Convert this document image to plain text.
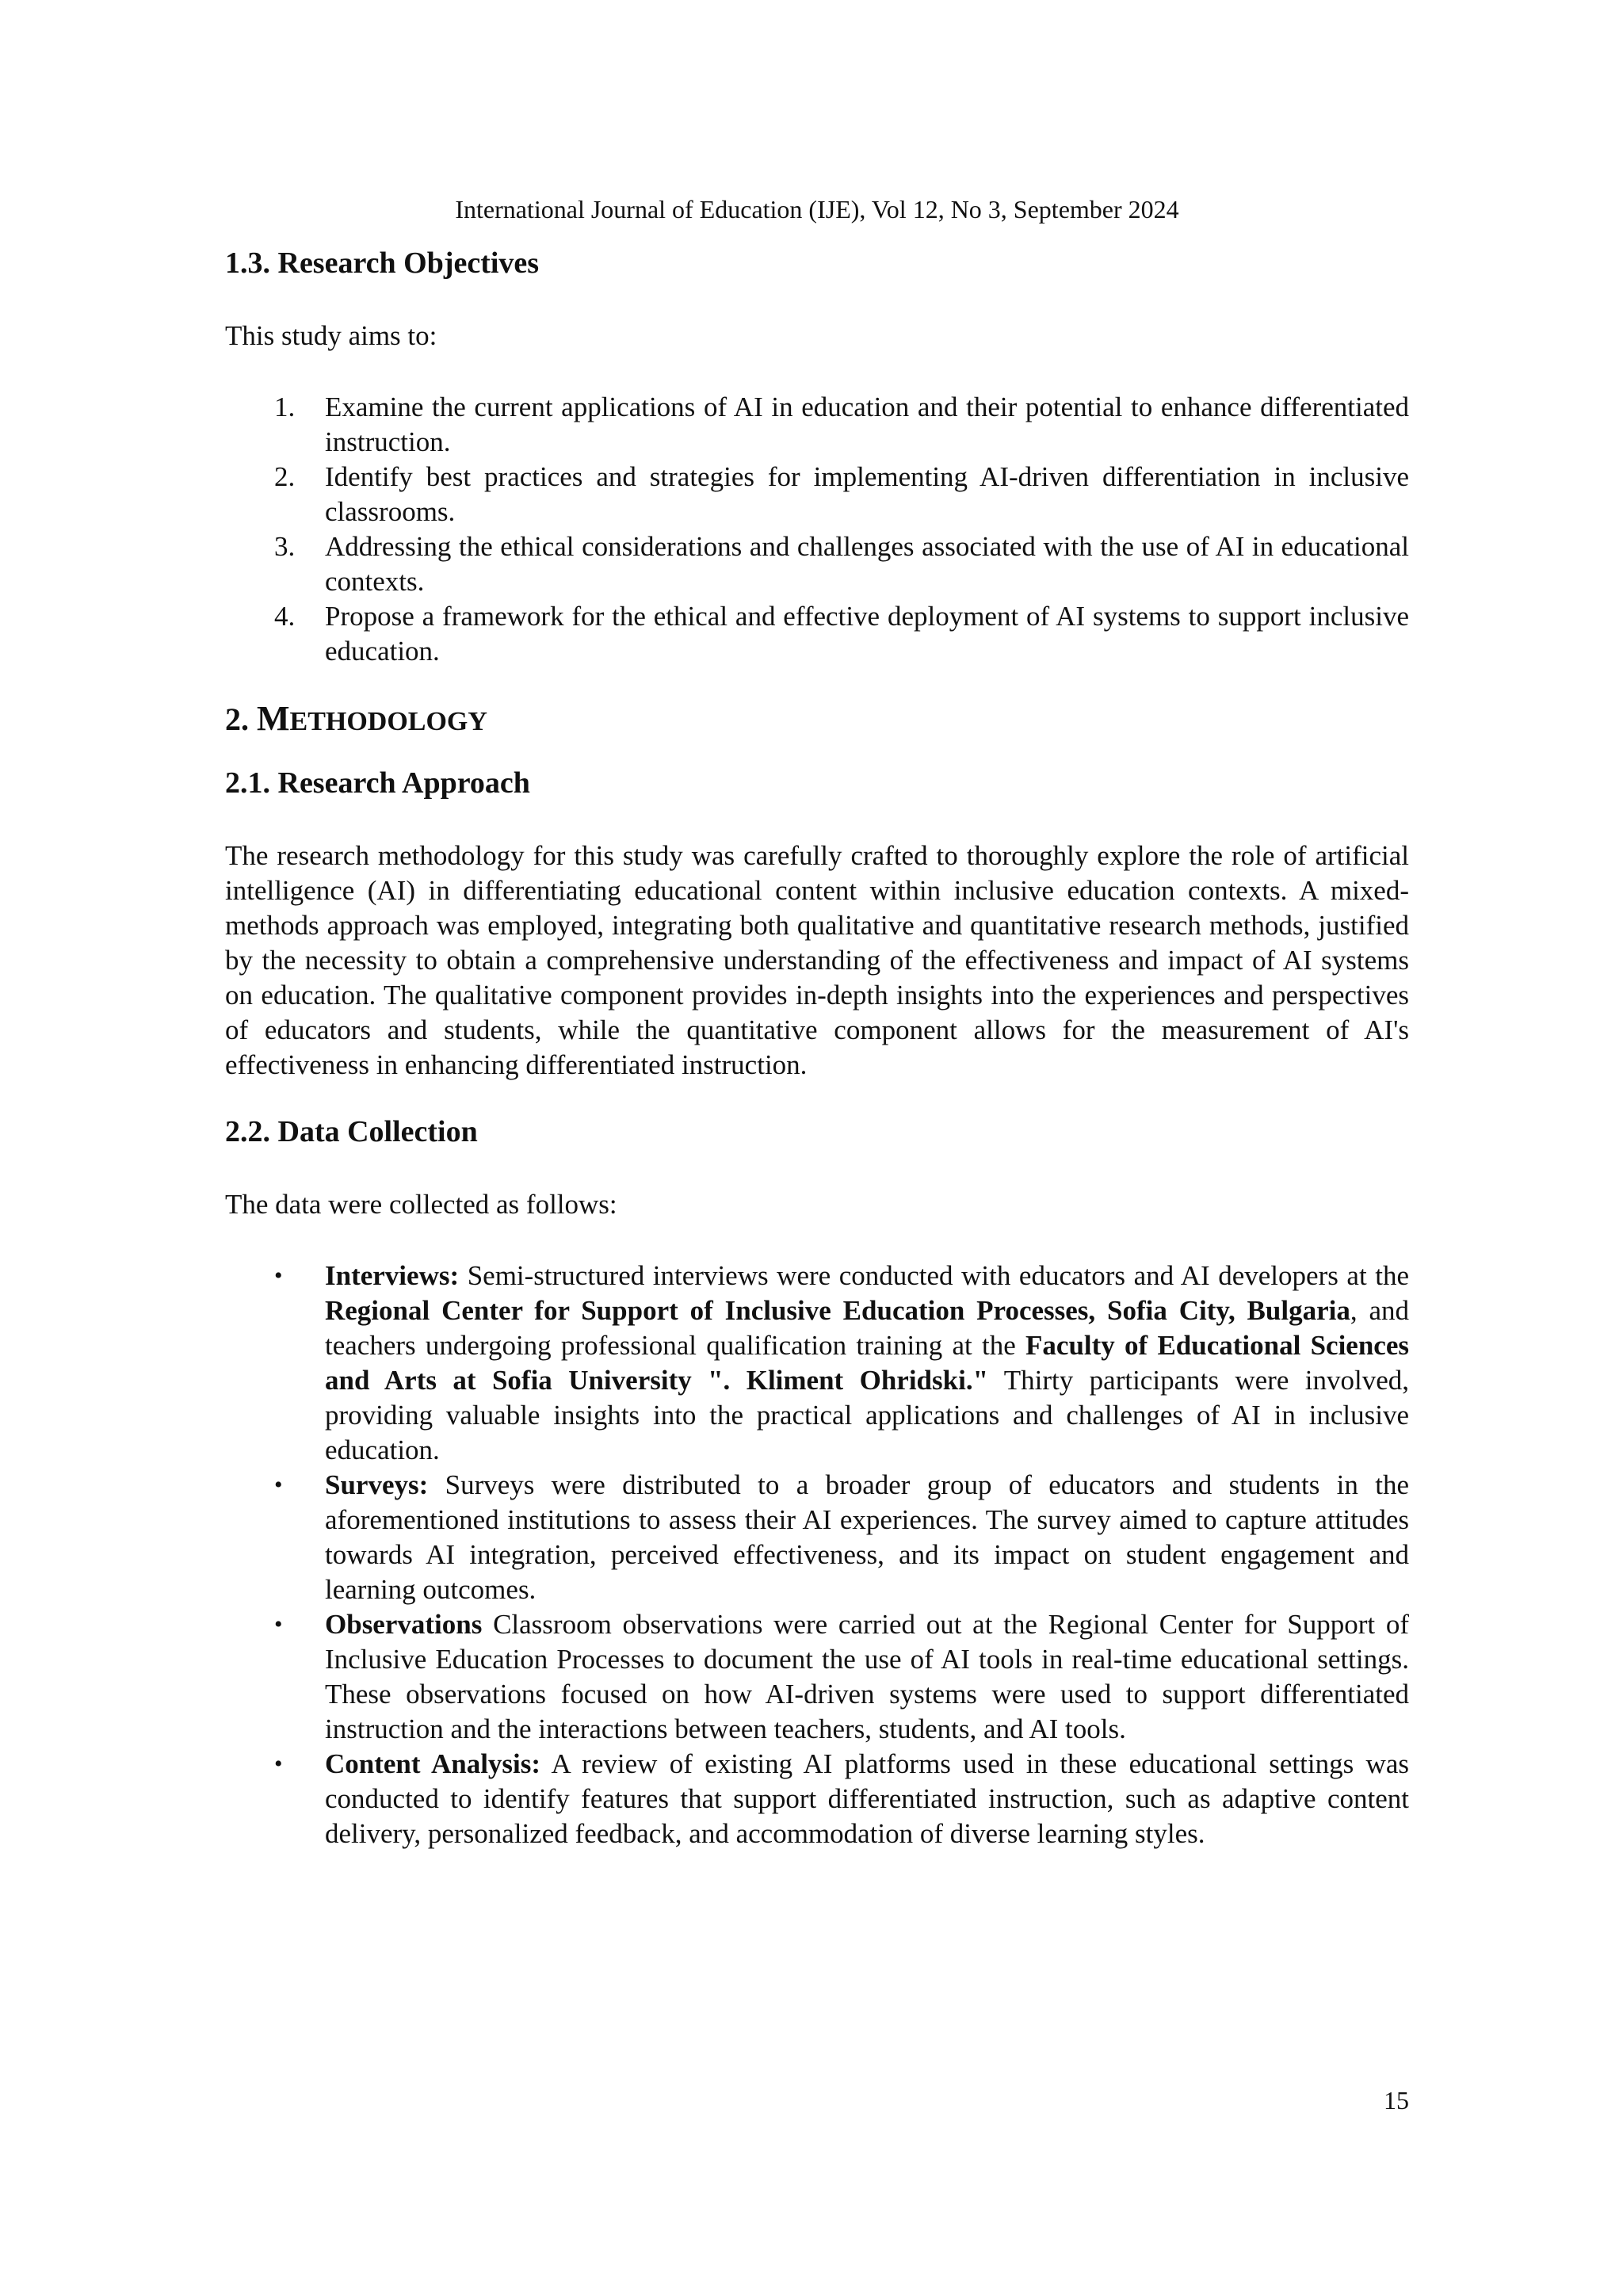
International Journal of Education (IJE), Vol 12, No 3, September 2024
1.3. Research Objectives

This study aims to:

1. Examine the current applications of AI in education and their potential to enhance differentiated instruction.
2. Identify best practices and strategies for implementing AI-driven differentiation in inclusive classrooms.
3. Addressing the ethical considerations and challenges associated with the use of AI in educational contexts.
4. Propose a framework for the ethical and effective deployment of AI systems to support inclusive education.
2. METHODOLOGY
2.1. Research Approach

The research methodology for this study was carefully crafted to thoroughly explore the role of artificial intelligence (AI) in differentiating educational content within inclusive education contexts. A mixed-methods approach was employed, integrating both qualitative and quantitative research methods, justified by the necessity to obtain a comprehensive understanding of the effectiveness and impact of AI systems on education. The qualitative component provides in-depth insights into the experiences and perspectives of educators and students, while the quantitative component allows for the measurement of AI's effectiveness in enhancing differentiated instruction.

2.2. Data Collection

The data were collected as follows:

• Interviews: Semi-structured interviews were conducted with educators and AI developers at the Regional Center for Support of Inclusive Education Processes, Sofia City, Bulgaria, and teachers undergoing professional qualification training at the Faculty of Educational Sciences and Arts at Sofia University ". Kliment Ohridski." Thirty participants were involved, providing valuable insights into the practical applications and challenges of AI in inclusive education.
• Surveys: Surveys were distributed to a broader group of educators and students in the aforementioned institutions to assess their AI experiences. The survey aimed to capture attitudes towards AI integration, perceived effectiveness, and its impact on student engagement and learning outcomes.
• Observations Classroom observations were carried out at the Regional Center for Support of Inclusive Education Processes to document the use of AI tools in real-time educational settings. These observations focused on how AI-driven systems were used to support differentiated instruction and the interactions between teachers, students, and AI tools.
• Content Analysis: A review of existing AI platforms used in these educational settings was conducted to identify features that support differentiated instruction, such as adaptive content delivery, personalized feedback, and accommodation of diverse learning styles.
15
